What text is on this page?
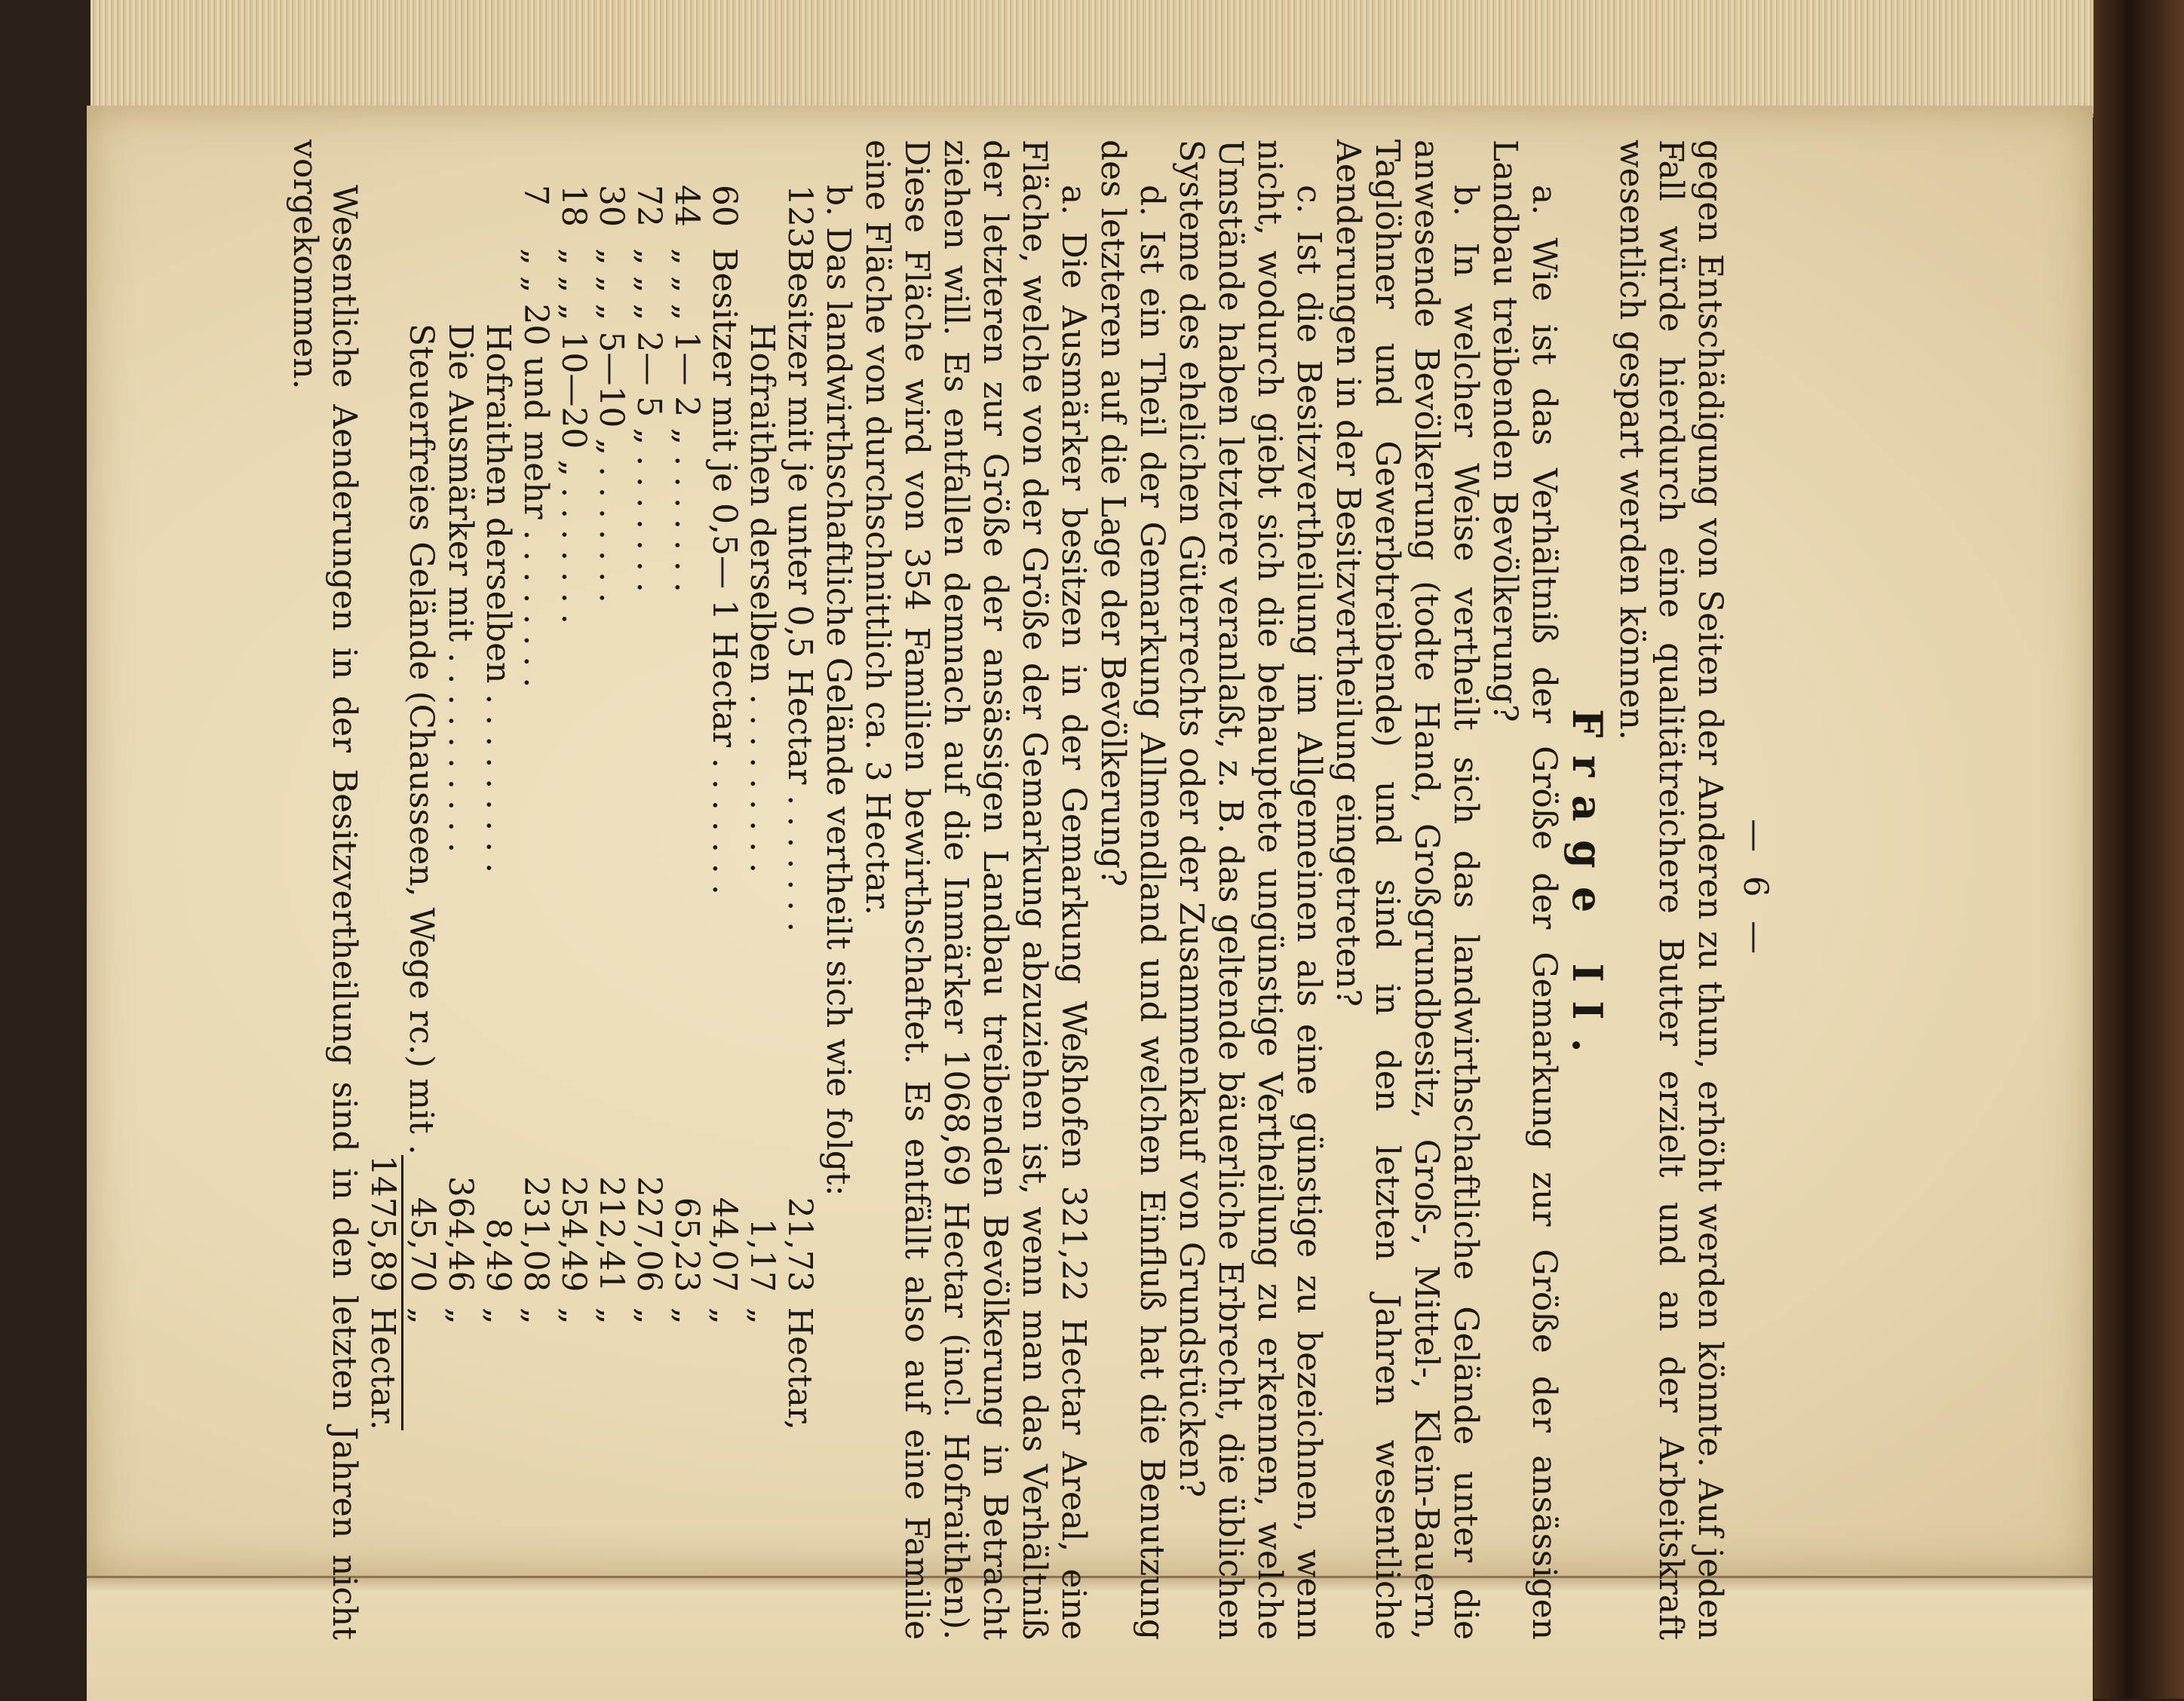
— 6 —

gegen Entschädigung von Seiten der Anderen zu thun, erhöht werden könnte. Auf jeden Fall würde hierdurch eine qualitätreichere Butter erzielt und an der Arbeitskraft wesentlich gespart werden können.

Frage II.

a. Wie ist das Verhältniß der Größe der Gemarkung zur Größe der ansässigen Landbau treibenden Bevölkerung?

b. In welcher Weise vertheilt sich das landwirthschaftliche Gelände unter die anwesende Bevölkerung (todte Hand, Großgrundbesitz, Groß-, Mittel-, Klein-Bauern, Taglöhner und Gewerbtreibende) und sind in den letzten Jahren wesentliche Aenderungen in der Besitzvertheilung eingetreten?

c. Ist die Besitzvertheilung im Allgemeinen als eine günstige zu bezeichnen, wenn nicht, wodurch giebt sich die behauptete ungünstige Vertheilung zu erkennen, welche Umstände haben letztere veranlaßt, z. B. das geltende bäuerliche Erbrecht, die üblichen Systeme des ehelichen Güterrechts oder der Zusammenkauf von Grundstücken?

d. Ist ein Theil der Gemarkung Allmendland und welchen Einfluß hat die Benutzung des letzteren auf die Lage der Bevölkerung?

a. Die Ausmärker besitzen in der Gemarkung Weßhofen 321,22 Hectar Areal, eine Fläche, welche von der Größe der Gemarkung abzuziehen ist, wenn man das Verhältniß der letzteren zur Größe der ansässigen Landbau treibenden Bevölkerung in Betracht ziehen will. Es entfallen demnach auf die Inmärker 1068,69 Hectar (incl. Hofraithen). Diese Fläche wird von 354 Familien bewirthschaftet. Es entfällt also auf eine Familie eine Fläche von durchschnittlich ca. 3 Hectar.

b. Das landwirthschaftliche Gelände vertheilt sich wie folgt:

123	Besitzer mit je unter 0,5 Hectar . . . . . . .	21,73	Hectar,
	Hofraithen derselben . . . . . . . . .	1,17	„
60	Besitzer mit je 0,5— 1 Hectar . . . . . . .	44,07	„
44	„ „ „ 1— 2 „ . . . . . . .	65,23	„
72	„ „ „ 2— 5 „ . . . . . . .	227,06	„
30	„ „ „ 5—10 „ . . . . . . .	212,41	„
18	„ „ „ 10—20 „ . . . . . . .	254,49	„
7	„ „ 20 und mehr . . . . . . . .	231,08	„
	Hofraithen derselben . . . . . . . . .	8,49	„
	Die Ausmärker mit . . . . . . . . . .	364,46	„
	Steuerfreies Gelände (Chausseen, Wege rc.) mit .	45,70	„
		1475,89	Hectar.

Wesentliche Aenderungen in der Besitzvertheilung sind in den letzten Jahren nicht vorgekommen.
